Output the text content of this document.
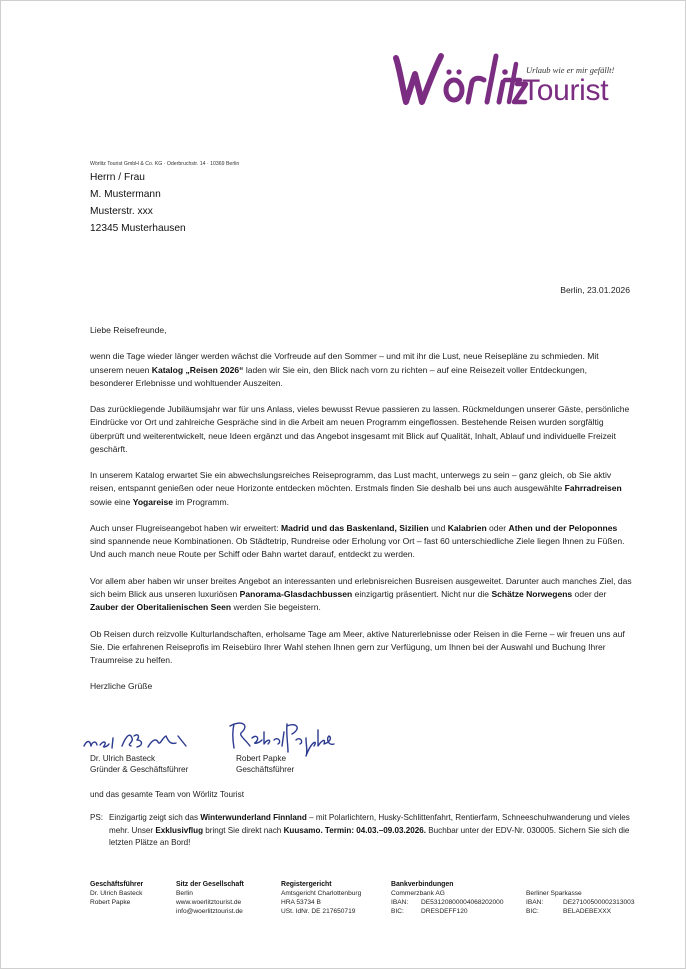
Urlaub wie er mir gefällt!
Tourist
Wörlitz Tourist GmbH & Co. KG · Oderbruchstr. 14 · 10369 Berlin
Herrn / Frau
M. Mustermann
Musterstr. xxx
12345 Musterhausen
Berlin, 23.01.2026

Liebe Reisefreunde,

wenn die Tage wieder länger werden wächst die Vorfreude auf den Sommer – und mit ihr die Lust, neue Reisepläne zu schmieden. Mit unserem neuen Katalog „Reisen 2026“ laden wir Sie ein, den Blick nach vorn zu richten – auf eine Reisezeit voller Entdeckungen, besonderer Erlebnisse und wohltuender Auszeiten.

Das zurückliegende Jubiläumsjahr war für uns Anlass, vieles bewusst Revue passieren zu lassen. Rückmeldungen unserer Gäste, persönliche Eindrücke vor Ort und zahlreiche Gespräche sind in die Arbeit am neuen Programm eingeflossen. Bestehende Reisen wurden sorgfältig überprüft und weiterentwickelt, neue Ideen ergänzt und das Angebot insgesamt mit Blick auf Qualität, Inhalt, Ablauf und individuelle Freizeit geschärft.

In unserem Katalog erwartet Sie ein abwechslungsreiches Reiseprogramm, das Lust macht, unterwegs zu sein – ganz gleich, ob Sie aktiv reisen, entspannt genießen oder neue Horizonte entdecken möchten. Erstmals finden Sie deshalb bei uns auch ausgewählte Fahrradreisen sowie eine Yogareise im Programm.

Auch unser Flugreiseangebot haben wir erweitert: Madrid und das Baskenland, Sizilien und Kalabrien oder Athen und der Peloponnes sind spannende neue Kombinationen. Ob Städtetrip, Rundreise oder Erholung vor Ort – fast 60 unterschiedliche Ziele liegen Ihnen zu Füßen. Und auch manch neue Route per Schiff oder Bahn wartet darauf, entdeckt zu werden.

Vor allem aber haben wir unser breites Angebot an interessanten und erlebnisreichen Busreisen ausgeweitet. Darunter auch manches Ziel, das sich beim Blick aus unseren luxuriösen Panorama-Glasdachbussen einzigartig präsentiert. Nicht nur die Schätze Norwegens oder der Zauber der Oberitalienischen Seen werden Sie begeistern.

Ob Reisen durch reizvolle Kulturlandschaften, erholsame Tage am Meer, aktive Naturerlebnisse oder Reisen in die Ferne – wir freuen uns auf Sie. Die erfahrenen Reiseprofis im Reisebüro Ihrer Wahl stehen Ihnen gern zur Verfügung, um Ihnen bei der Auswahl und Buchung Ihrer Traumreise zu helfen.

Herzliche Grüße

Dr. Ulrich Basteck
Gründer & Geschäftsführer
Robert Papke
Geschäftsführer
und das gesamte Team von Wörlitz Tourist
PS: Einzigartig zeigt sich das Winterwunderland Finnland – mit Polarlichtern, Husky-Schlittenfahrt, Rentierfarm, Schneeschuhwanderung und vieles mehr. Unser Exklusivflug bringt Sie direkt nach Kuusamo. Termin: 04.03.–09.03.2026. Buchbar unter der EDV-Nr. 030005. Sichern Sie sich die letzten Plätze an Bord!
Geschäftsführer
Dr. Ulrich Basteck
Robert Papke
Sitz der Gesellschaft
Berlin
www.woerlitztourist.de
info@woerlitztourist.de
Registergericht
Amtsgericht Charlottenburg
HRA 53734 B
USt. IdNr. DE 217650719
Bankverbindungen
Commerzbank AG
IBAN:	DE53120800004068202000
BIC:	DRESDEFF120

Berliner Sparkasse
IBAN:	DE27100500002313003
BIC:	BELADEBEXXX
